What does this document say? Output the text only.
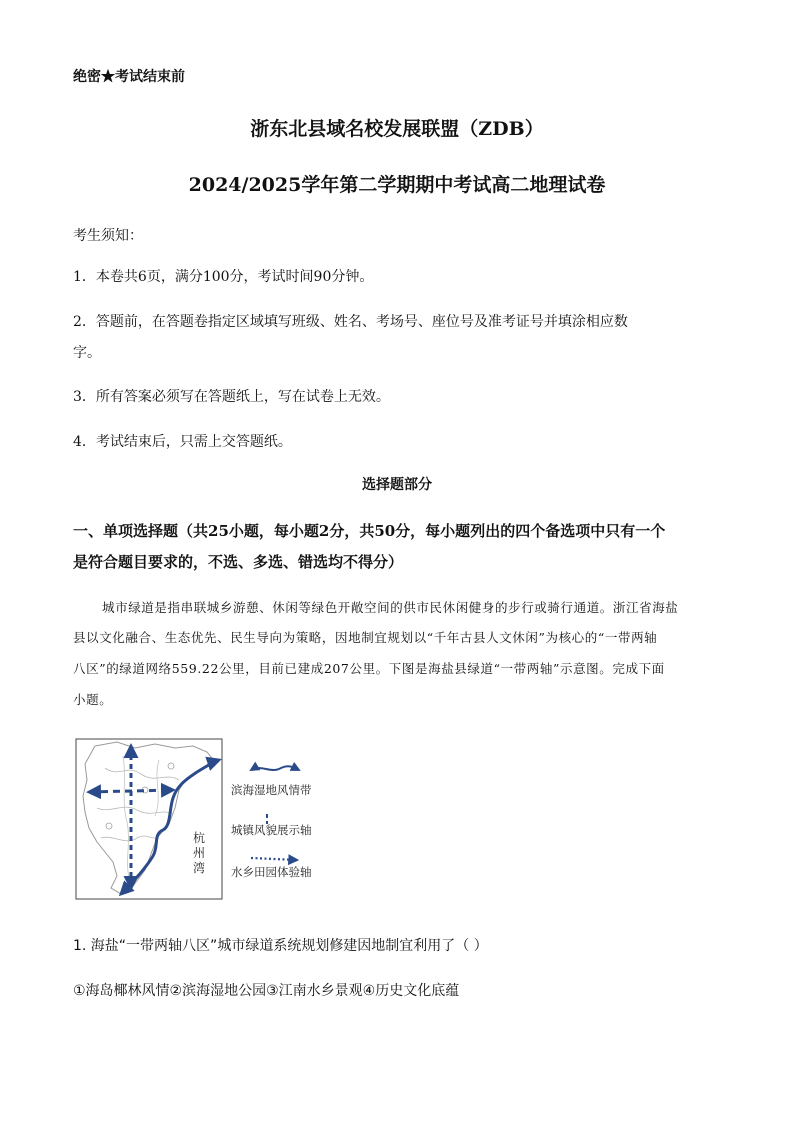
绝密★考试结束前
浙东北县域名校发展联盟（ZDB）
2024/2025学年第二学期期中考试高二地理试卷
考生须知：
1．本卷共6页，满分100分，考试时间90分钟。
2．答题前，在答题卷指定区域填写班级、姓名、考场号、座位号及准考证号并填涂相应数
字。
3．所有答案必须写在答题纸上，写在试卷上无效。
4．考试结束后，只需上交答题纸。
选择题部分
一、单项选择题（共25小题，每小题2分，共50分，每小题列出的四个备选项中只有一个
是符合题目要求的，不选、多选、错选均不得分）
城市绿道是指串联城乡游憩、休闲等绿色开敞空间的供市民休闲健身的步行或骑行通道。浙江省海盐
县以文化融合、生态优先、民生导向为策略，因地制宜规划以“千年古县人文休闲”为核心的“一带两轴
八区”的绿道网络559.22公里，目前已建成207公里。下图是海盐县绿道“一带两轴”示意图。完成下面
小题。
杭
州
湾
滨海湿地风情带
城镇风貌展示轴
水乡田园体验轴
1. 海盐“一带两轴八区”城市绿道系统规划修建因地制宜利用了（ ）
①海岛椰林风情②滨海湿地公园③江南水乡景观④历史文化底蕴
